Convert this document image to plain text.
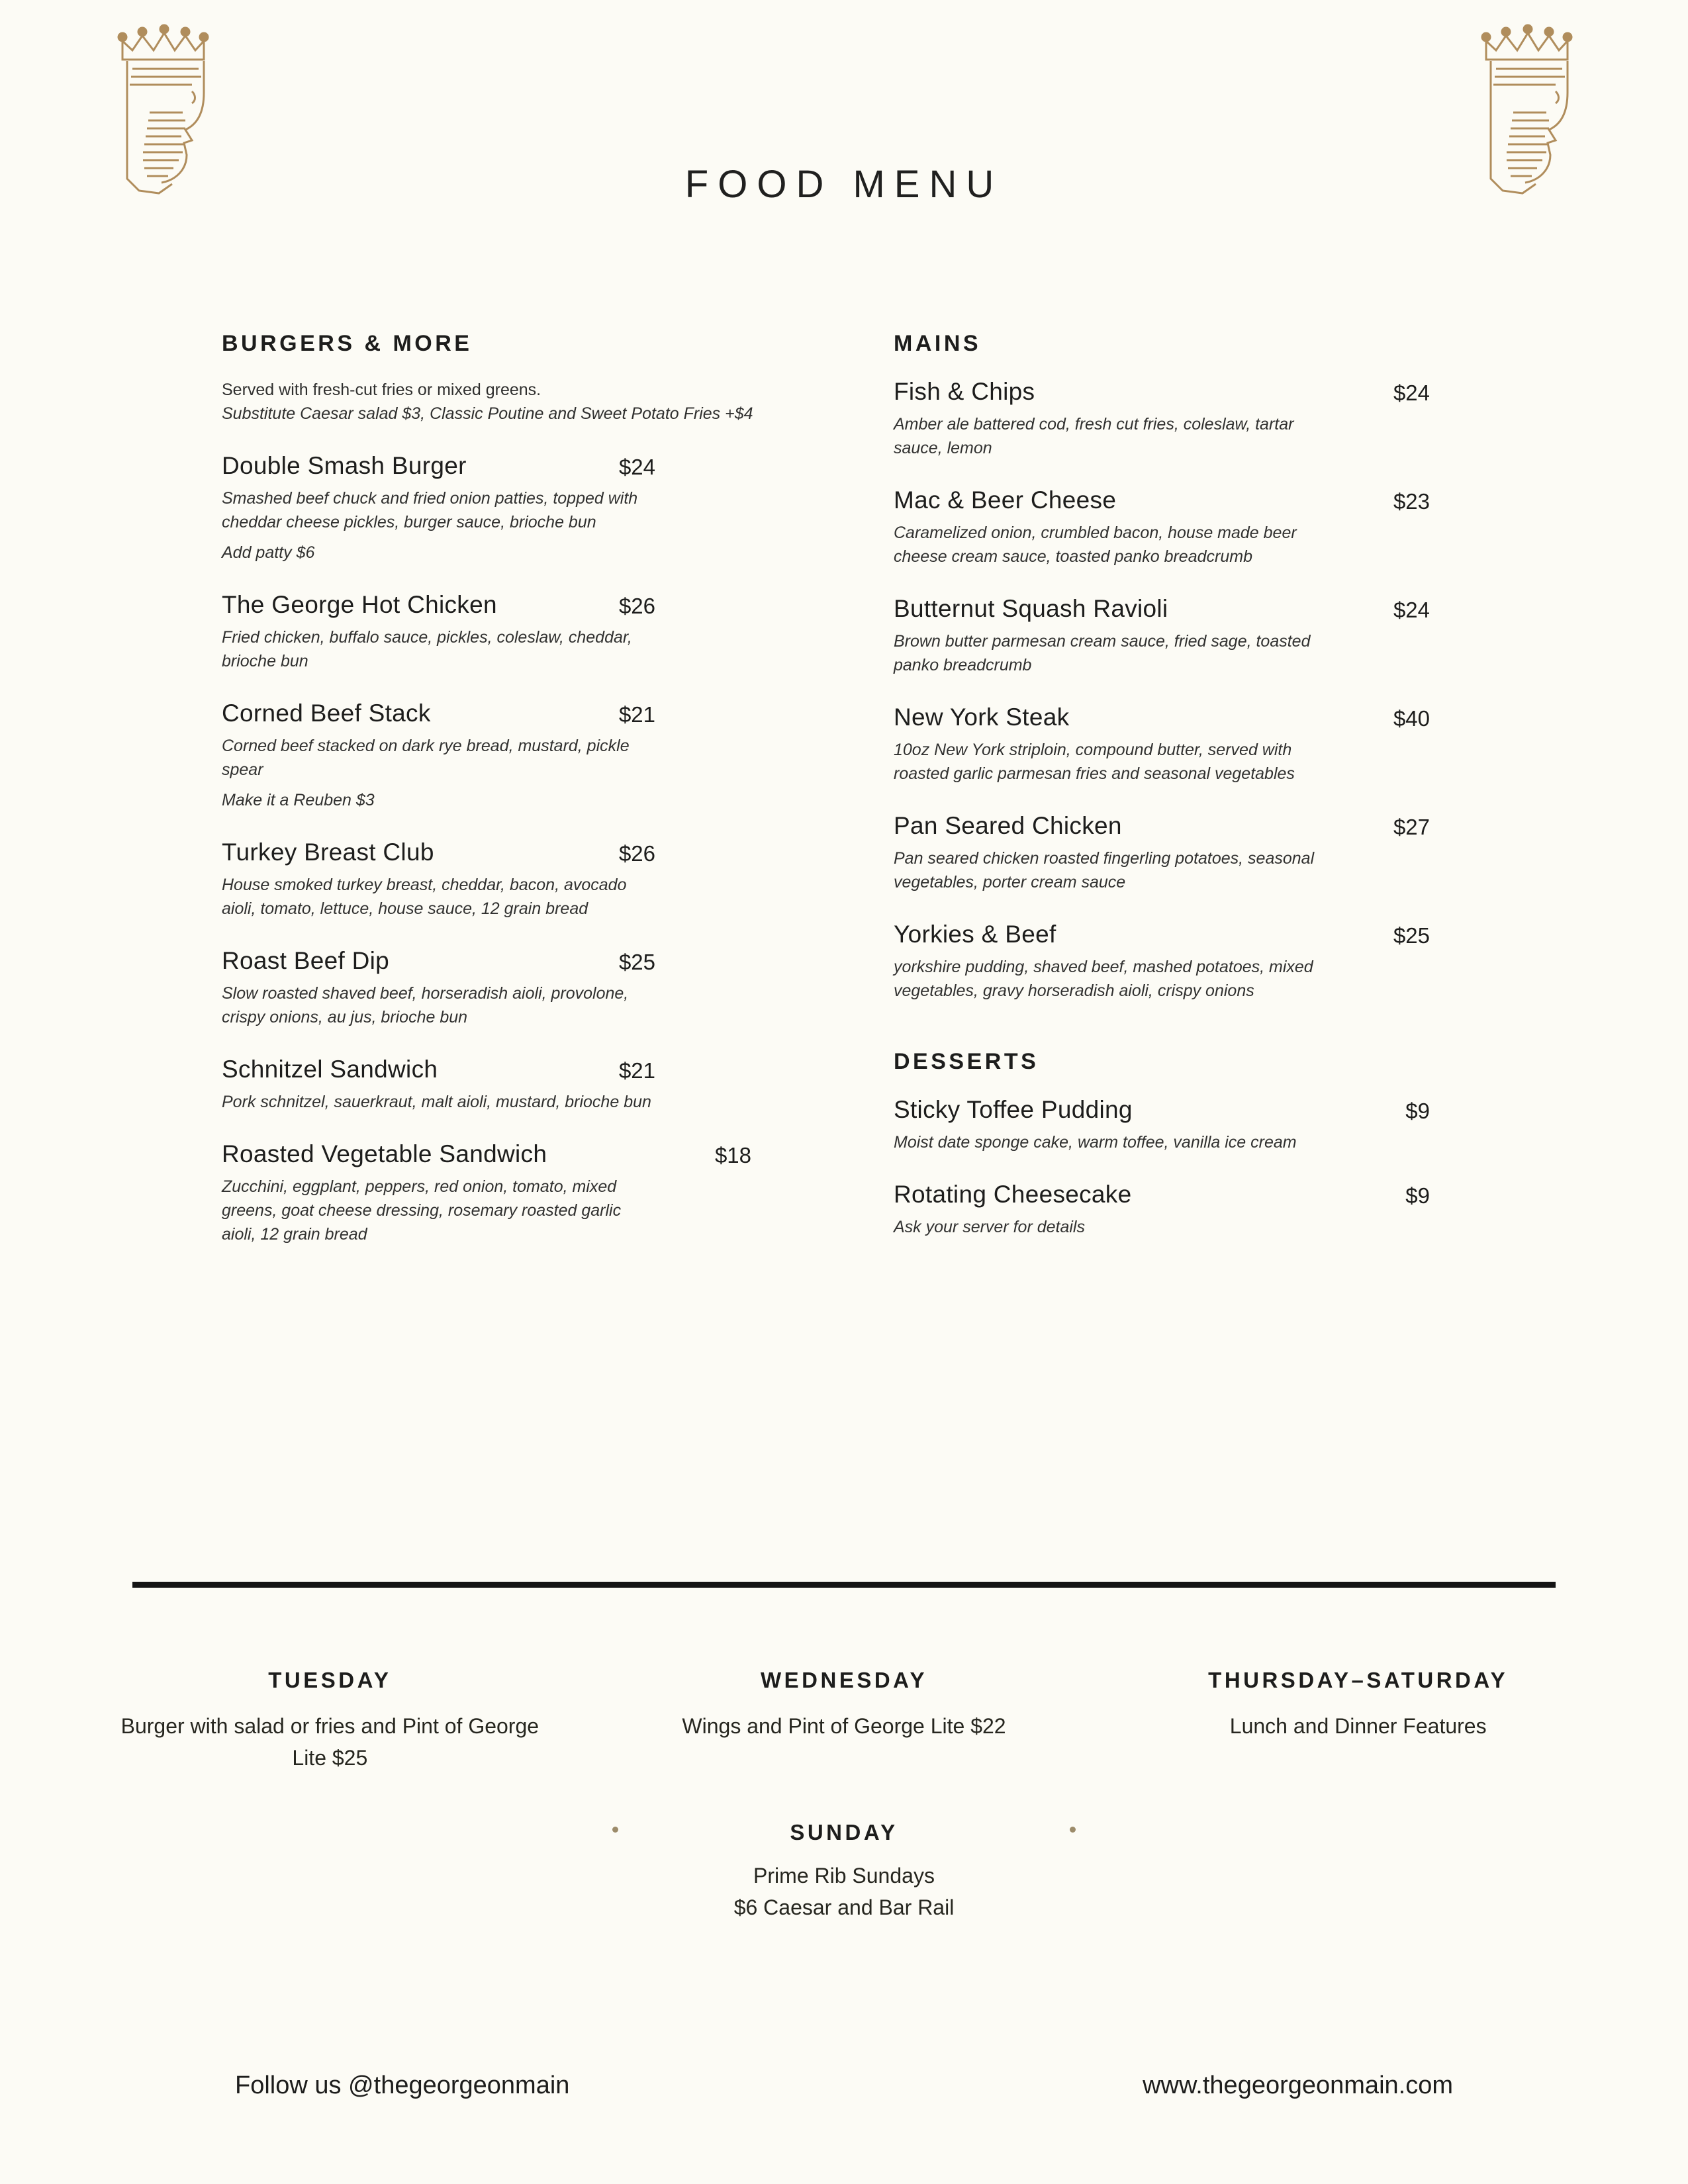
FOOD MENU
BURGERS & MORE
Served with fresh-cut fries or mixed greens.
Substitute Caesar salad $3, Classic Poutine and Sweet Potato Fries +$4
Double Smash Burger	$24
Smashed beef chuck and fried onion patties, topped with cheddar cheese pickles, burger sauce, brioche bun
Add patty $6
The George Hot Chicken	$26
Fried chicken, buffalo sauce, pickles, coleslaw, cheddar, brioche bun
Corned Beef Stack	$21
Corned beef stacked on dark rye bread, mustard, pickle spear
Make it a Reuben $3
Turkey Breast Club	$26
House smoked turkey breast, cheddar, bacon, avocado aioli, tomato, lettuce, house sauce, 12 grain bread
Roast Beef Dip	$25
Slow roasted shaved beef, horseradish aioli, provolone, crispy onions, au jus, brioche bun
Schnitzel Sandwich	$21
Pork schnitzel, sauerkraut, malt aioli, mustard, brioche bun
Roasted Vegetable Sandwich	$18
Zucchini, eggplant, peppers, red onion, tomato, mixed greens, goat cheese dressing, rosemary roasted garlic aioli, 12 grain bread
MAINS
Fish & Chips	$24
Amber ale battered cod, fresh cut fries, coleslaw, tartar sauce, lemon
Mac & Beer Cheese	$23
Caramelized onion, crumbled bacon, house made beer cheese cream sauce, toasted panko breadcrumb
Butternut Squash Ravioli	$24
Brown butter parmesan cream sauce, fried sage, toasted panko breadcrumb
New York Steak	$40
10oz New York striploin, compound butter, served with roasted garlic parmesan fries and seasonal vegetables
Pan Seared Chicken	$27
Pan seared chicken roasted fingerling potatoes, seasonal vegetables, porter cream sauce
Yorkies & Beef	$25
yorkshire pudding, shaved beef, mashed potatoes, mixed vegetables, gravy horseradish aioli, crispy onions
DESSERTS
Sticky Toffee Pudding	$9
Moist date sponge cake, warm toffee, vanilla ice cream
Rotating Cheesecake	$9
Ask your server for details
TUESDAY
Burger with salad or fries and Pint of George Lite $25
WEDNESDAY
Wings and Pint of George Lite $22
THURSDAY–SATURDAY
Lunch and Dinner Features
SUNDAY
Prime Rib Sundays
$6 Caesar and Bar Rail
Follow us @thegeorgeonmain	www.thegeorgeonmain.com
